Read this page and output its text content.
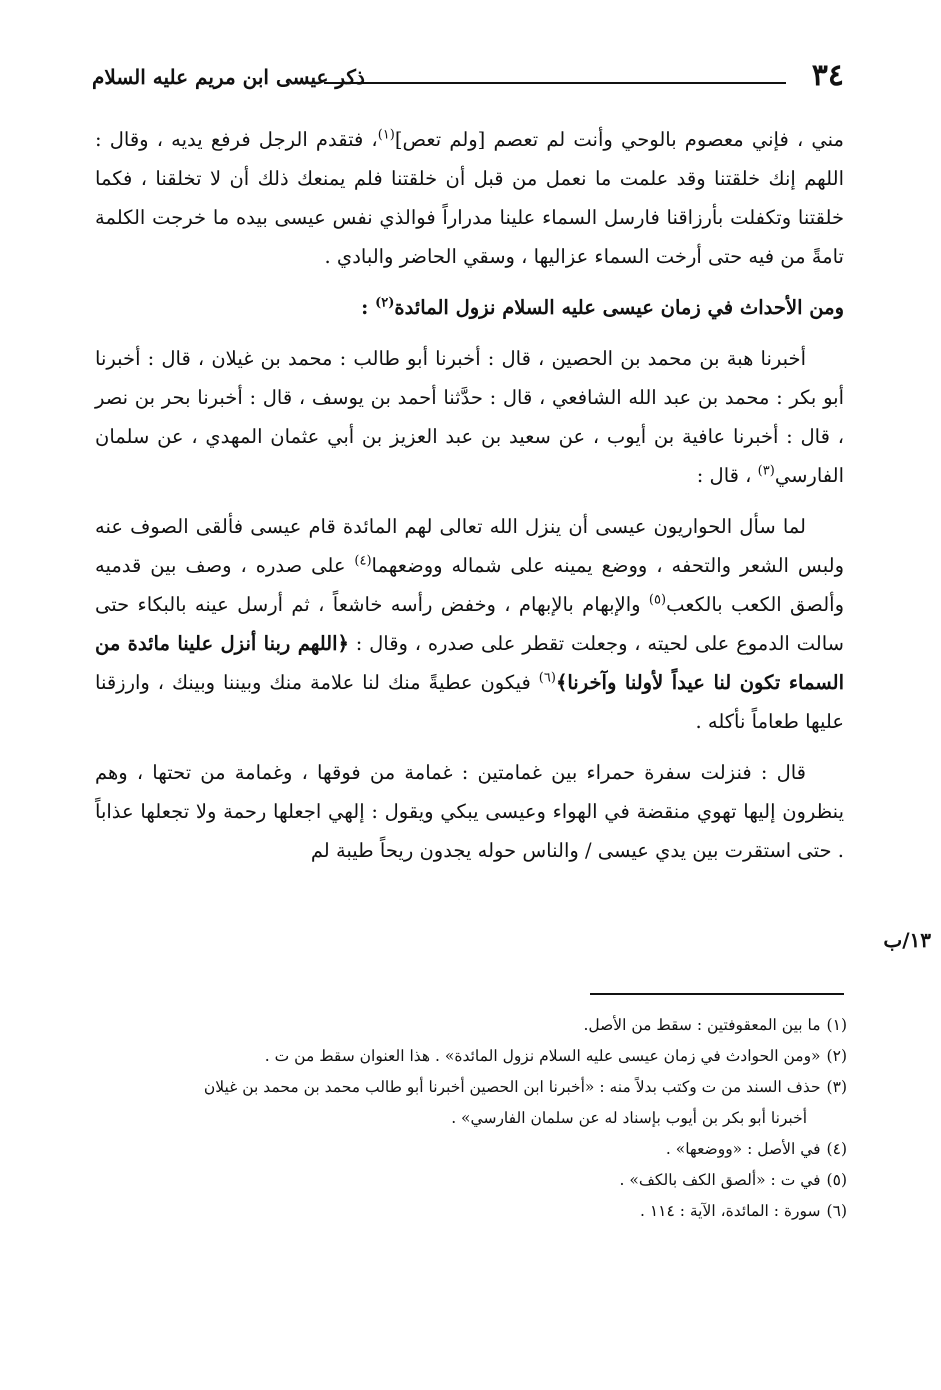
٣٤
ذكر عيسى ابن مريم عليه السلام
١٣/ب

مني ، فإني معصوم بالوحي وأنت لم تعصم [ولم تعص]$^{(١)}$، فتقدم الرجل فرفع يديه ، وقال : اللهم إنك خلقتنا وقد علمت ما نعمل من قبل أن خلقتنا فلم يمنعك ذلك أن لا تخلقنا ، فكما خلقتنا وتكفلت بأرزاقنا فارسل السماء علينا مدراراً فوالذي نفس عيسى بيده ما خرجت الكلمة تامةً من فيه حتى أرخت السماء عزاليها ، وسقي الحاضر والبادي .

ومن الأحداث في زمان عيسى عليه السلام نزول المائدة$^{(٢)}$ :

أخبرنا هبة بن محمد بن الحصين ، قال : أخبرنا أبو طالب : محمد بن غيلان ، قال : أخبرنا أبو بكر : محمد بن عبد الله الشافعي ، قال : حدَّثنا أحمد بن يوسف ، قال : أخبرنا بحر بن نصر ، قال : أخبرنا عافية بن أيوب ، عن سعيد بن عبد العزيز بن أبي عثمان المهدي ، عن سلمان الفارسي$^{(٣)}$ ، قال :

لما سأل الحواريون عيسى أن ينزل الله تعالى لهم المائدة قام عيسى فألقى الصوف عنه ولبس الشعر والتحفه ، ووضع يمينه على شماله ووضعهما$^{(٤)}$ على صدره ، وصف بين قدميه وألصق الكعب بالكعب$^{(٥)}$ والإبهام بالإبهام ، وخفض رأسه خاشعاً ، ثم أرسل عينه بالبكاء حتى سالت الدموع على لحيته ، وجعلت تقطر على صدره ، وقال : ﴿اللهم ربنا أنزل علينا مائدة من السماء تكون لنا عيداً لأولنا وآخرنا﴾$^{(٦)}$ فيكون عطيةً منك لنا علامة منك وبيننا وبينك ، وارزقنا عليها طعاماً نأكله .

قال : فنزلت سفرة حمراء بين غمامتين : غمامة من فوقها ، وغمامة من تحتها ، وهم ينظرون إليها تهوي منقضة في الهواء وعيسى يبكي ويقول : إلهي اجعلها رحمة ولا تجعلها عذاباً . حتى استقرت بين يدي عيسى / والناس حوله يجدون ريحاً طيبة لم

(١)ما بين المعقوفتين : سقط من الأصل.

(٢)«ومن الحوادث في زمان عيسى عليه السلام نزول المائدة» . هذا العنوان سقط من ت .

(٣)حذف السند من ت وكتب بدلاً منه : «أخبرنا ابن الحصين أخبرنا أبو طالب محمد بن محمد بن غيلان

أخبرنا أبو بكر بن أيوب بإسناد له عن سلمان الفارسي» .

(٤)في الأصل : «ووضعها» .

(٥)في ت : «ألصق الكف بالكف» .

(٦)سورة : المائدة، الآية : ١١٤ .
